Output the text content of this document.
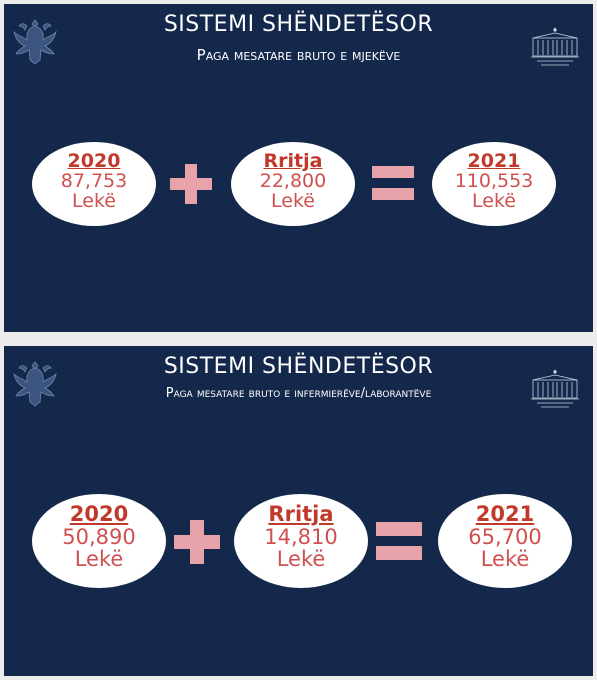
SISTEMI SHËNDETËSOR
Paga mesatare bruto e mjekëve
2020
87,753
Lekë
Rritja
22,800
Lekë
2021
110,553
Lekë
SISTEMI SHËNDETËSOR
Paga mesatare bruto e infermierëve/laborantëve
2020
50,890
Lekë
Rritja
14,810
Lekë
2021
65,700
Lekë
